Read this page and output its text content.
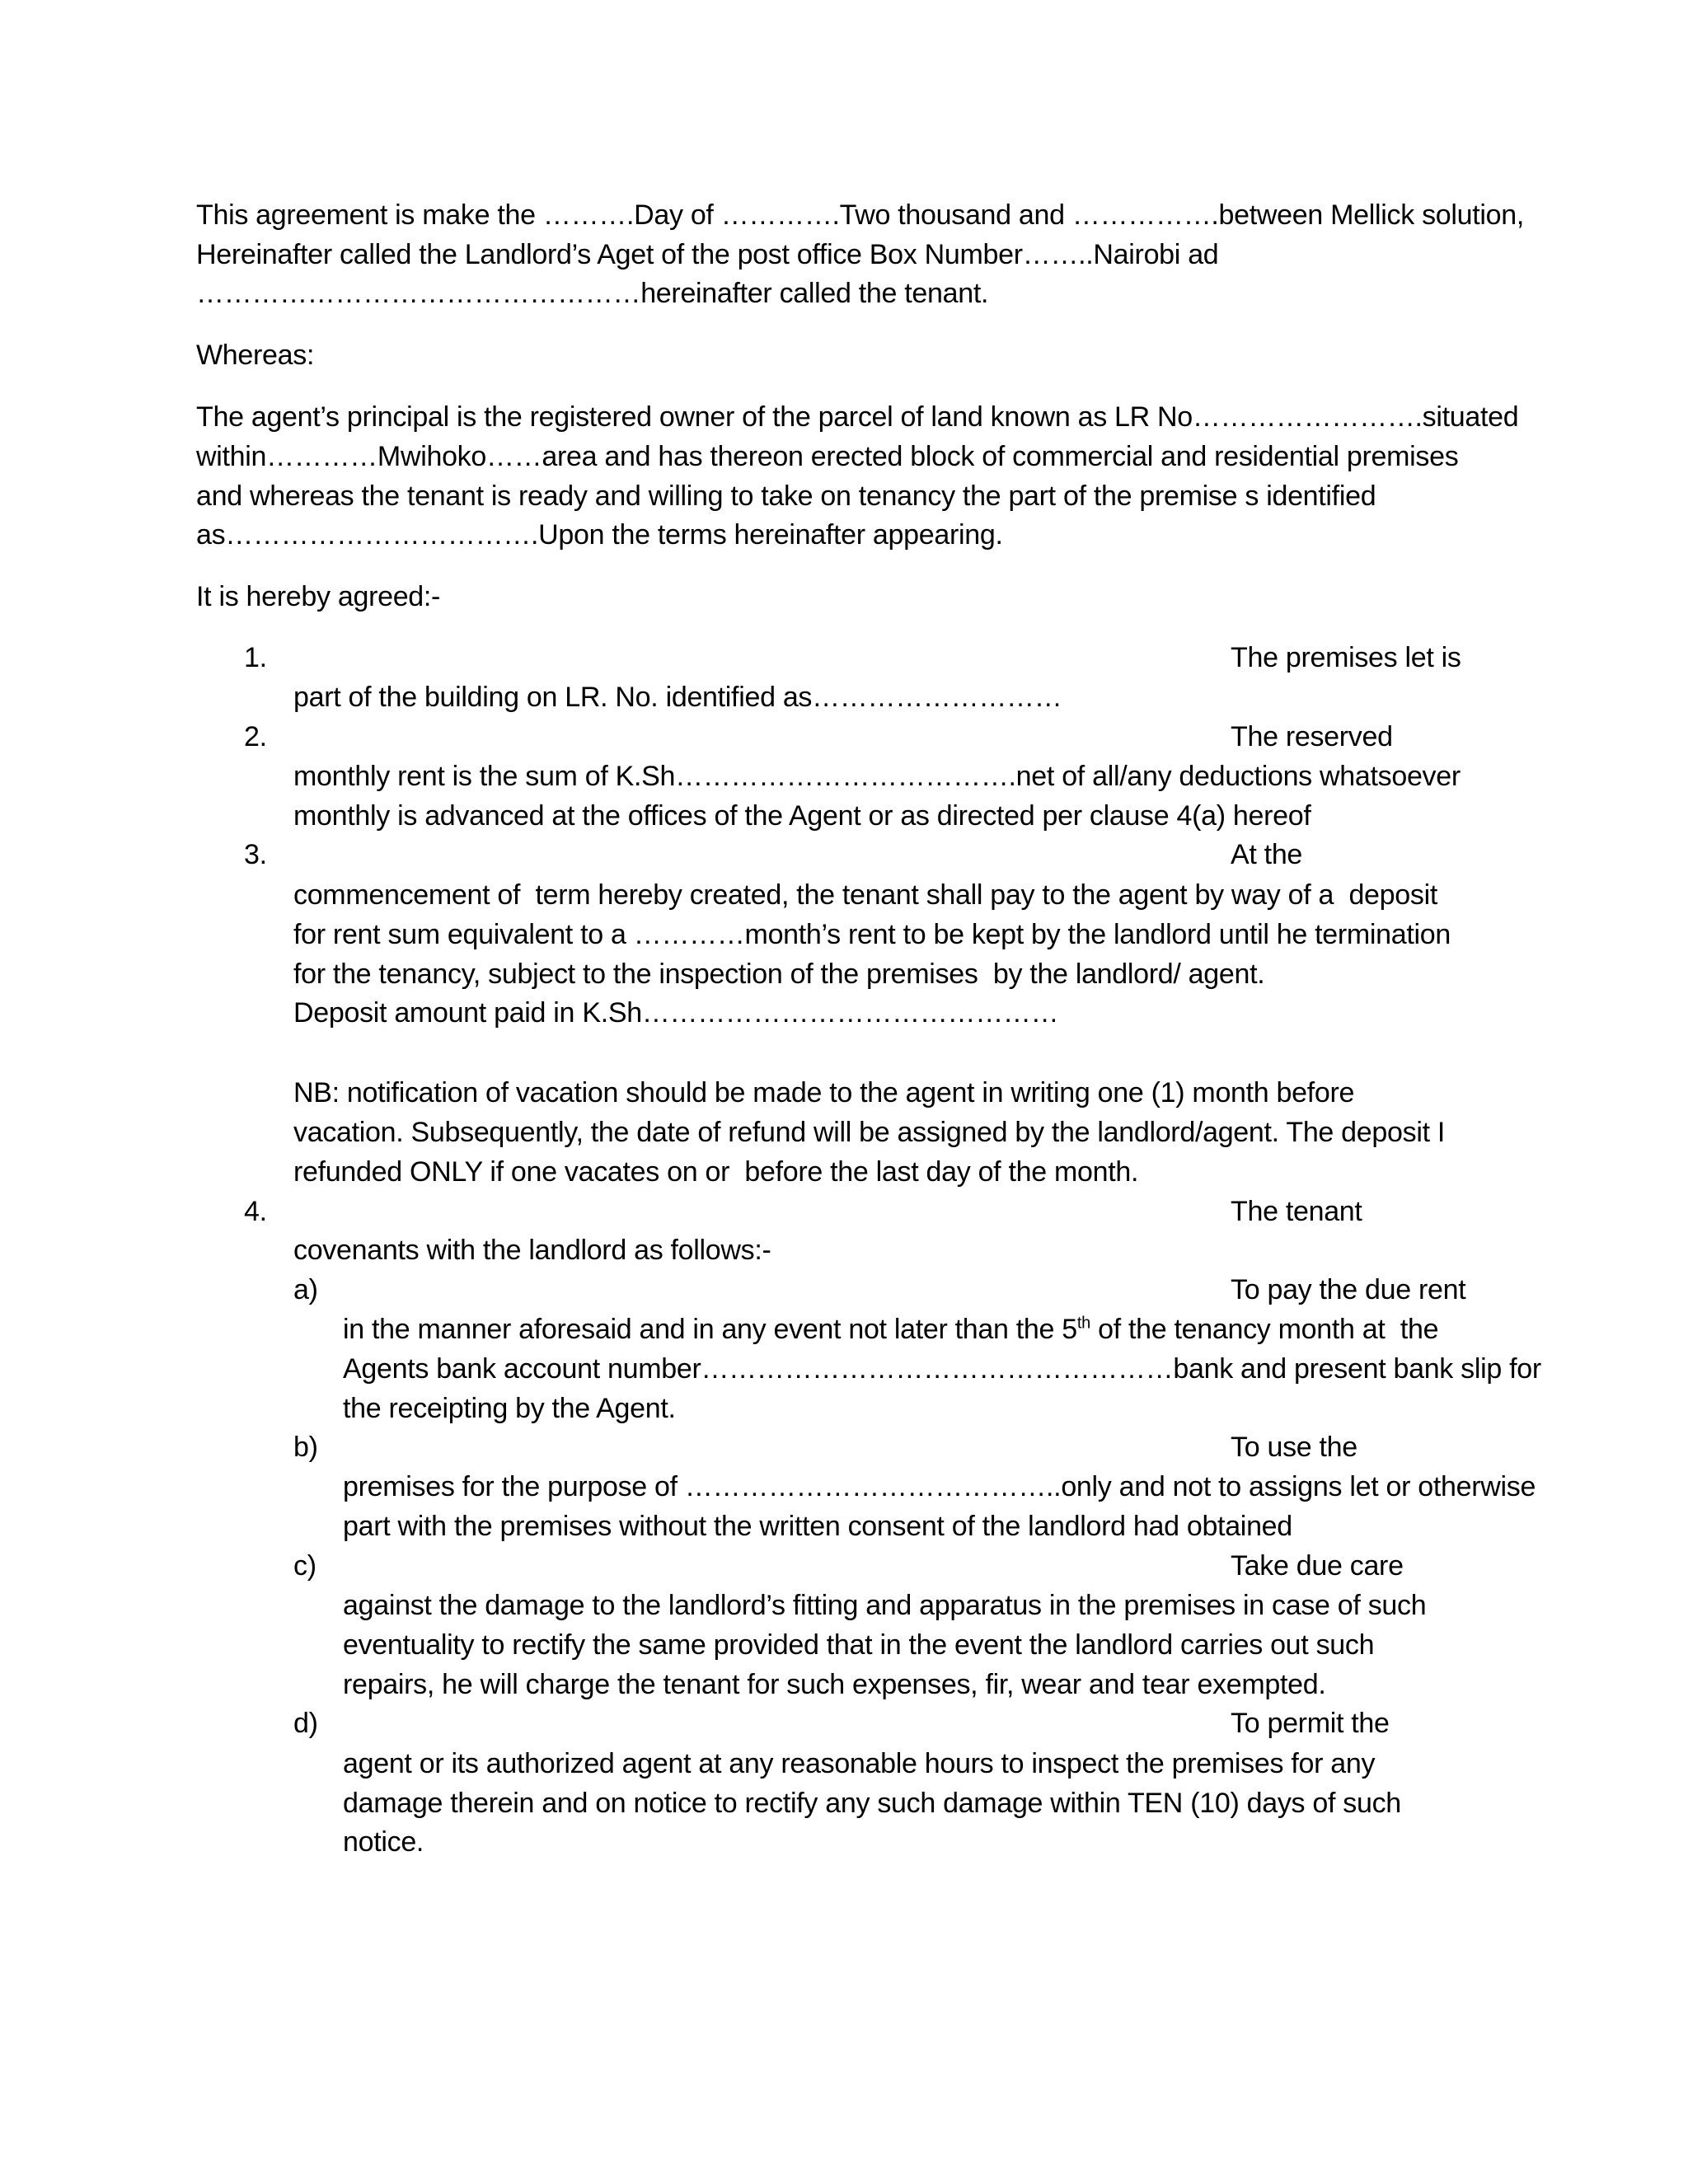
This agreement is make the ……….Day of ………….Two thousand and …………….between Mellick solution,
Hereinafter called the Landlord’s Aget of the post office Box Number……..Nairobi ad
…………………………………………hereinafter called the tenant.
Whereas:
The agent’s principal is the registered owner of the parcel of land known as LR No…………………….situated
within…………Mwihoko……area and has thereon erected block of commercial and residential premises
and whereas the tenant is ready and willing to take on tenancy the part of the premise s identified
as…………………………….Upon the terms hereinafter appearing.
It is hereby agreed:-
1.	The premises let is
part of the building on LR. No. identified as………………………
2.	The reserved
monthly rent is the sum of K.Sh……………………………….net of all/any deductions whatsoever
monthly is advanced at the offices of the Agent or as directed per clause 4(a) hereof
3.	At the
commencement of  term hereby created, the tenant shall pay to the agent by way of a  deposit
for rent sum equivalent to a …………month’s rent to be kept by the landlord until he termination
for the tenancy, subject to the inspection of the premises  by the landlord/ agent.
Deposit amount paid in K.Sh………………………………………
NB: notification of vacation should be made to the agent in writing one (1) month before
vacation. Subsequently, the date of refund will be assigned by the landlord/agent. The deposit I
refunded ONLY if one vacates on or  before the last day of the month.
4.	The tenant
covenants with the landlord as follows:-
a)	To pay the due rent
in the manner aforesaid and in any event not later than the 5th of the tenancy month at  the
Agents bank account number……………………………………………bank and present bank slip for
the receipting by the Agent.
b)	To use the
premises for the purpose of …………………………………..only and not to assigns let or otherwise
part with the premises without the written consent of the landlord had obtained
c)	Take due care
against the damage to the landlord’s fitting and apparatus in the premises in case of such
eventuality to rectify the same provided that in the event the landlord carries out such
repairs, he will charge the tenant for such expenses, fir, wear and tear exempted.
d)	To permit the
agent or its authorized agent at any reasonable hours to inspect the premises for any
damage therein and on notice to rectify any such damage within TEN (10) days of such
notice.
